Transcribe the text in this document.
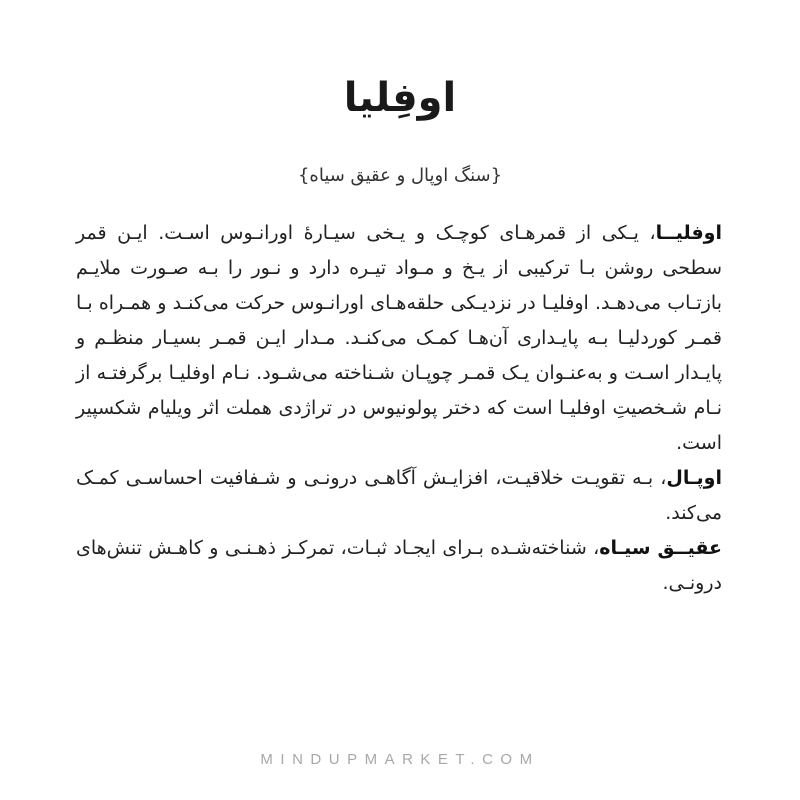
اوفِلیا
{سنگ اوپال و عقیق سیاه}

اوفلیــا، یـکی از قمرهـای کوچـک و یـخی سیـارۀ اورانـوس اسـت. ایـن قمر سطحی روشن بـا ترکیبی از یـخ و مـواد تیـره دارد و نـور را بـه صـورت ملایـم بازتـاب می‌دهـد. اوفلیـا در نزدیـکی حلقه‌هـای اورانـوس حرکت می‌کنـد و همـراه بـا قمـر کوردلیـا بـه پایـداری آن‌هـا کمـک می‌کنـد. مـدار ایـن قمـر بسیـار منظـم و پایـدار اسـت و به‌عنـوان یـک قمـر چوپـان شـناخته می‌شـود. نـام اوفلیـا برگرفتـه از نـام شـخصیتِ اوفلیـا است که دختر پولونیوس در تراژدی هملت اثر ویلیام شکسپیر است.

اوپـال، بـه تقویـت خلاقیـت، افزایـش آگاهـی درونـی و شـفافیت احساسـی کمـک می‌کند.

عقیــق سیـاه، شناخته‌شـده بـرای ایجـاد ثبـات، تمرکـز ذهـنـی و کاهـش تنش‌های درونـی.

MINDUPMARKET.COM
